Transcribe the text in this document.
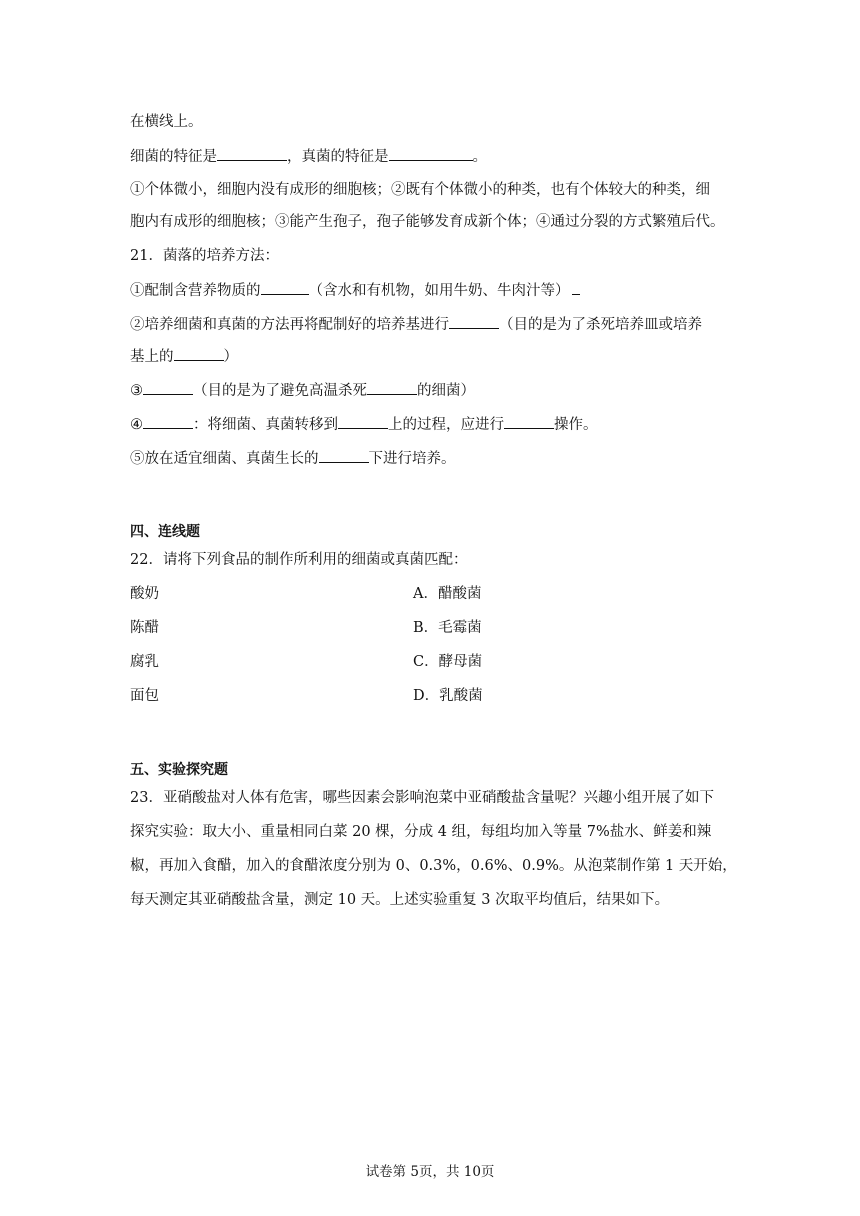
在横线上。
细菌的特征是	，真菌的特征是	。
①个体微小，细胞内没有成形的细胞核；②既有个体微小的种类，也有个体较大的种类，细
胞内有成形的细胞核；③能产生孢子，孢子能够发育成新个体；④通过分裂的方式繁殖后代。
21．菌落的培养方法：
①配制含营养物质的	（含水和有机物，如用牛奶、牛肉汁等）
②培养细菌和真菌的方法再将配制好的培养基进行	（目的是为了杀死培养皿或培养
基上的	）
③	（目的是为了避免高温杀死	的细菌）
④	：将细菌、真菌转移到	上的过程，应进行	操作。
⑤放在适宜细菌、真菌生长的	下进行培养。
四、连线题
22．请将下列食品的制作所利用的细菌或真菌匹配：
酸奶	A．醋酸菌
陈醋	B．毛霉菌
腐乳	C．酵母菌
面包	D．乳酸菌
五、实验探究题
23．亚硝酸盐对人体有危害，哪些因素会影响泡菜中亚硝酸盐含量呢？兴趣小组开展了如下
探究实验：取大小、重量相同白菜 20 棵，分成 4 组，每组均加入等量 7%盐水、鲜姜和辣
椒，再加入食醋，加入的食醋浓度分别为 0、0.3%，0.6%、0.9%。从泡菜制作第 1 天开始，
每天测定其亚硝酸盐含量，测定 10 天。上述实验重复 3 次取平均值后，结果如下。
试卷第 5页，共 10页
